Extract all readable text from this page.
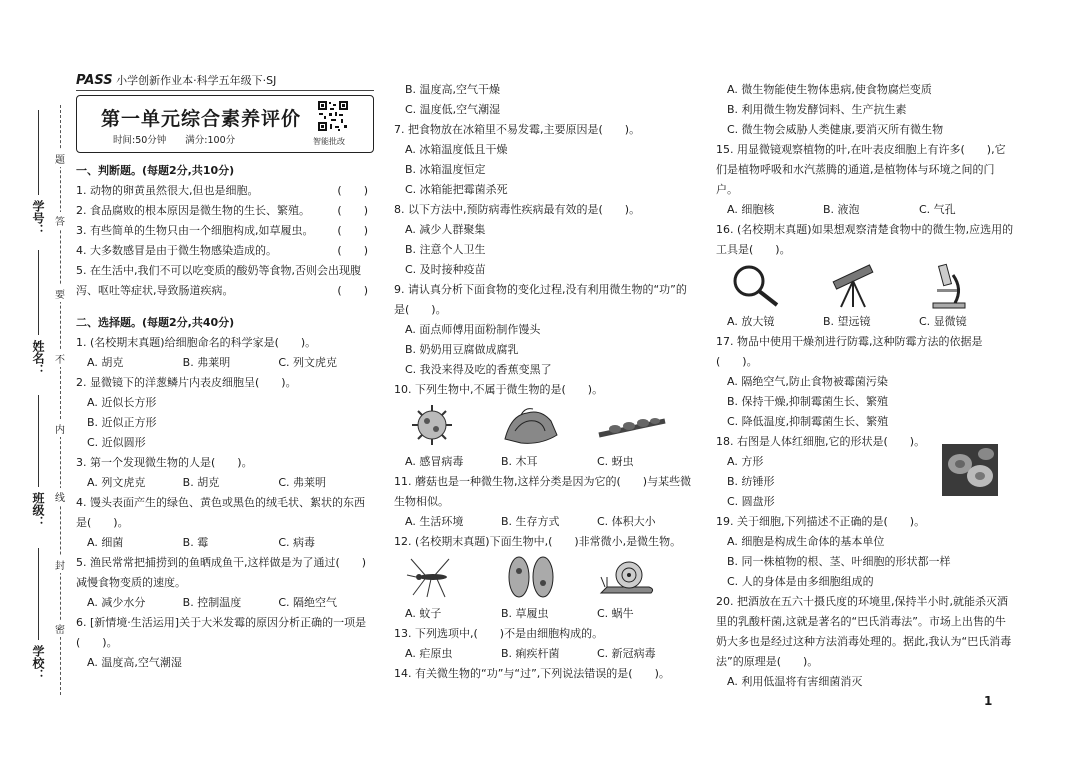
学号：
姓名：
班级：
学校：
题
答
要
不
内
线
封
密
PASS 小学创新作业本·科学五年级下·SJ
第一单元综合素养评价
时间:50分钟　　满分:100分	智能批改
一、判断题。(每题2分,共10分)
1. 动物的卵黄虽然很大,但也是细胞。	(　　)
2. 食品腐败的根本原因是微生物的生长、繁殖。 (　　)
3. 有些简单的生物只由一个细胞构成,如草履虫。 (　　)
4. 大多数感冒是由于微生物感染造成的。	(　　)
5. 在生活中,我们不可以吃变质的酸奶等食物,否则会出现腹泻、呕吐等症状,导致肠道疾病。	(　　)
二、选择题。(每题2分,共40分)
1. (名校期末真题)给细胞命名的科学家是(　　)。
A. 胡克	B. 弗莱明	C. 列文虎克
2. 显微镜下的洋葱鳞片内表皮细胞呈(　　)。
A. 近似长方形
B. 近似正方形
C. 近似圆形
3. 第一个发现微生物的人是(　　)。
A. 列文虎克	B. 胡克	C. 弗莱明
4. 馒头表面产生的绿色、黄色或黑色的绒毛状、絮状的东西是(　　)。
A. 细菌	B. 霉	C. 病毒
5. 渔民常常把捕捞到的鱼晒成鱼干,这样做是为了通过(　　)减慢食物变质的速度。
A. 减少水分	B. 控制温度	C. 隔绝空气
6. [新情境·生活运用]关于大米发霉的原因分析正确的一项是(　　)。
A. 温度高,空气潮湿
B. 温度高,空气干燥
C. 温度低,空气潮湿
7. 把食物放在冰箱里不易发霉,主要原因是(　　)。
A. 冰箱温度低且干燥
B. 冰箱温度恒定
C. 冰箱能把霉菌杀死
8. 以下方法中,预防病毒性疾病最有效的是(　　)。
A. 减少人群聚集
B. 注意个人卫生
C. 及时接种疫苗
9. 请认真分析下面食物的变化过程,没有利用微生物的“功”的是(　　)。
A. 面点师傅用面粉制作馒头
B. 奶奶用豆腐做成腐乳
C. 我没来得及吃的香蕉变黑了
10. 下列生物中,不属于微生物的是(　　)。
A. 感冒病毒	B. 木耳	C. 蚜虫
11. 蘑菇也是一种微生物,这样分类是因为它的(　　)与某些微生物相似。
A. 生活环境	B. 生存方式	C. 体积大小
12. (名校期末真题)下面生物中,(　　)非常微小,是微生物。
A. 蚊子	B. 草履虫	C. 蜗牛
13. 下列选项中,(　　)不是由细胞构成的。
A. 疟原虫	B. 痢疾杆菌	C. 新冠病毒
14. 有关微生物的“功”与“过”,下列说法错误的是(　　)。
A. 微生物能使生物体患病,使食物腐烂变质
B. 利用微生物发酵饲料、生产抗生素
C. 微生物会威胁人类健康,要消灭所有微生物
15. 用显微镜观察植物的叶,在叶表皮细胞上有许多(　　),它们是植物呼吸和水汽蒸腾的通道,是植物体与环境之间的门户。
A. 细胞核	B. 液泡	C. 气孔
16. (名校期末真题)如果想观察清楚食物中的微生物,应选用的工具是(　　)。
A. 放大镜	B. 望远镜	C. 显微镜
17. 物品中使用干燥剂进行防霉,这种防霉方法的依据是(　　)。
A. 隔绝空气,防止食物被霉菌污染
B. 保持干燥,抑制霉菌生长、繁殖
C. 降低温度,抑制霉菌生长、繁殖
18. 右图是人体红细胞,它的形状是(　　)。
A. 方形
B. 纺锤形
C. 圆盘形
19. 关于细胞,下列描述不正确的是(　　)。
A. 细胞是构成生命体的基本单位
B. 同一株植物的根、茎、叶细胞的形状都一样
C. 人的身体是由多细胞组成的
20. 把酒放在五六十摄氏度的环境里,保持半小时,就能杀灭酒里的乳酸杆菌,这就是著名的“巴氏消毒法”。市场上出售的牛奶大多也是经过这种方法消毒处理的。据此,我认为“巴氏消毒法”的原理是(　　)。
A. 利用低温将有害细菌消灭
1
